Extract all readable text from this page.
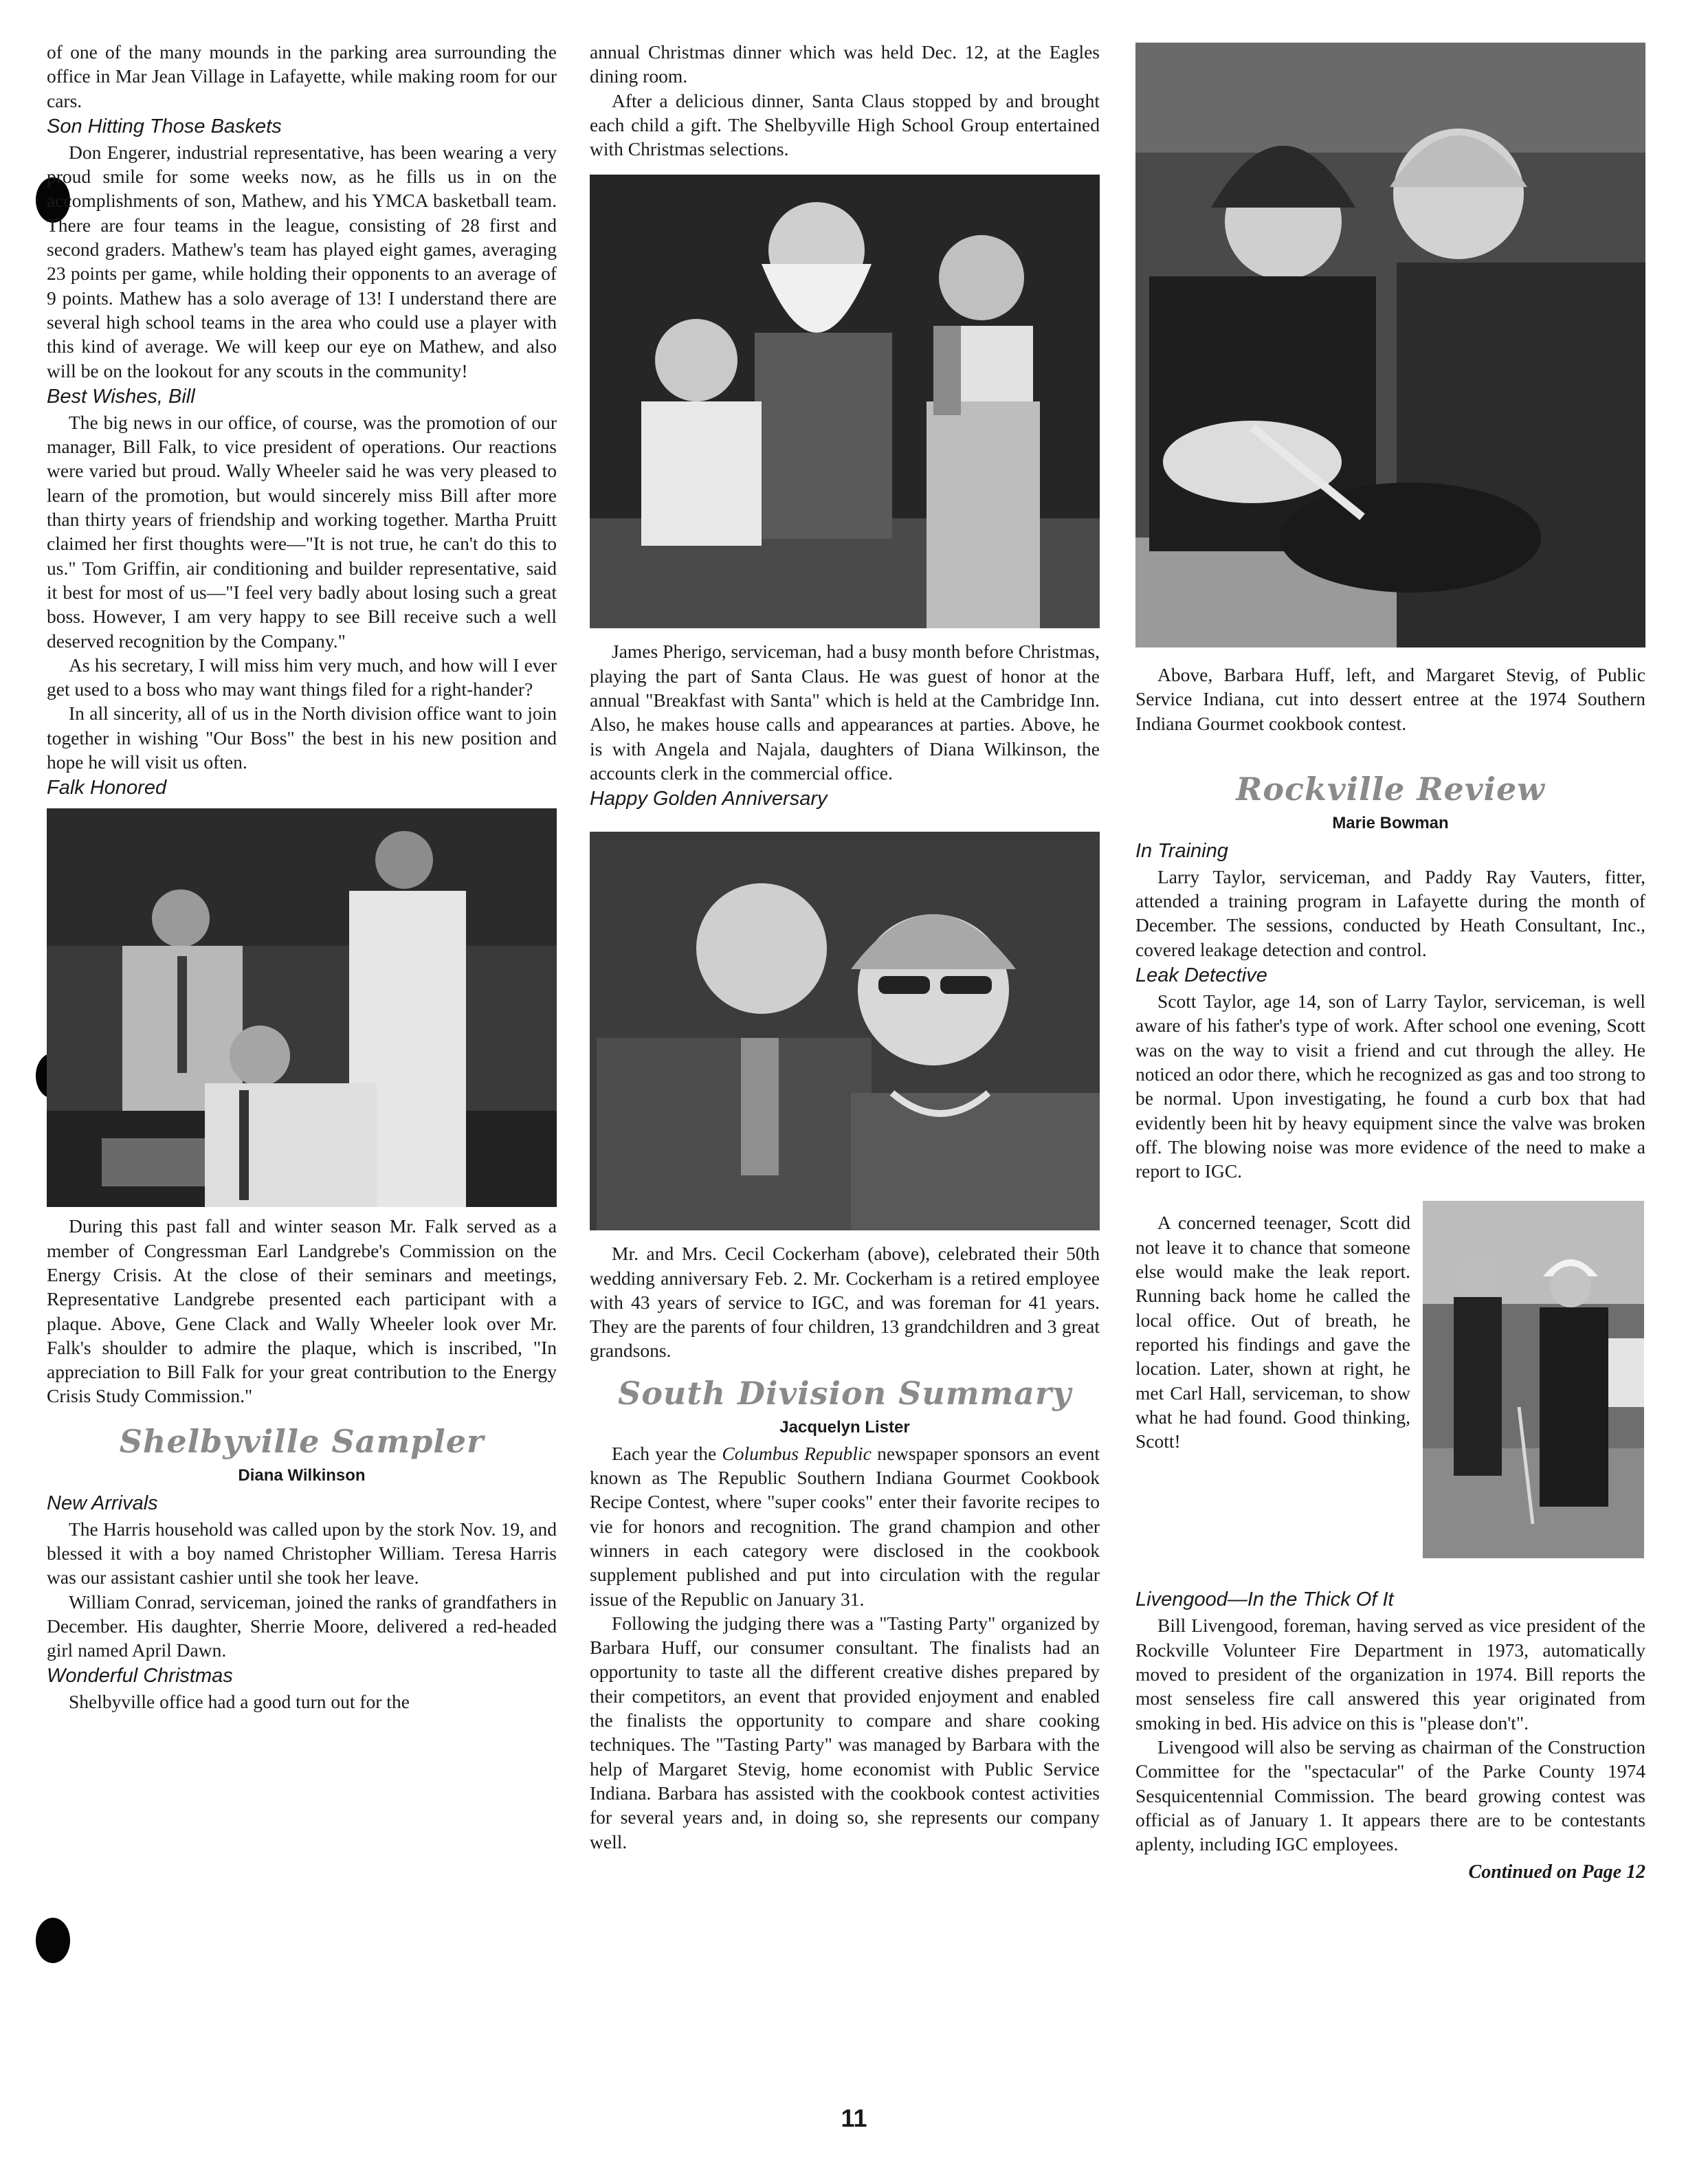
of one of the many mounds in the parking area surrounding the office in Mar Jean Village in Lafayette, while making room for our cars.

Son Hitting Those Baskets

Don Engerer, industrial representative, has been wearing a very proud smile for some weeks now, as he fills us in on the accomplishments of son, Mathew, and his YMCA basketball team. There are four teams in the league, consisting of 28 first and second graders. Mathew's team has played eight games, averaging 23 points per game, while holding their opponents to an average of 9 points. Mathew has a solo average of 13! I understand there are several high school teams in the area who could use a player with this kind of average. We will keep our eye on Mathew, and also will be on the lookout for any scouts in the community!

Best Wishes, Bill

The big news in our office, of course, was the promotion of our manager, Bill Falk, to vice president of operations. Our reactions were varied but proud. Wally Wheeler said he was very pleased to learn of the promotion, but would sincerely miss Bill after more than thirty years of friendship and working together. Martha Pruitt claimed her first thoughts were—"It is not true, he can't do this to us." Tom Griffin, air conditioning and builder representative, said it best for most of us—"I feel very badly about losing such a great boss. However, I am very happy to see Bill receive such a well deserved recognition by the Company."

As his secretary, I will miss him very much, and how will I ever get used to a boss who may want things filed for a right-hander?

In all sincerity, all of us in the North division office want to join together in wishing "Our Boss" the best in his new position and hope he will visit us often.

Falk Honored

During this past fall and winter season Mr. Falk served as a member of Congressman Earl Landgrebe's Commission on the Energy Crisis. At the close of their seminars and meetings, Representative Landgrebe presented each participant with a plaque. Above, Gene Clack and Wally Wheeler look over Mr. Falk's shoulder to admire the plaque, which is inscribed, "In appreciation to Bill Falk for your great contribution to the Energy Crisis Study Commission."

Shelbyville Sampler
Diana Wilkinson
New Arrivals

The Harris household was called upon by the stork Nov. 19, and blessed it with a boy named Christopher William. Teresa Harris was our assistant cashier until she took her leave.

William Conrad, serviceman, joined the ranks of grandfathers in December. His daughter, Sherrie Moore, delivered a red-headed girl named April Dawn.

Wonderful Christmas

Shelbyville office had a good turn out for the

annual Christmas dinner which was held Dec. 12, at the Eagles dining room.

After a delicious dinner, Santa Claus stopped by and brought each child a gift. The Shelbyville High School Group entertained with Christmas selections.

James Pherigo, serviceman, had a busy month before Christmas, playing the part of Santa Claus. He was guest of honor at the annual "Breakfast with Santa" which is held at the Cambridge Inn. Also, he makes house calls and appearances at parties. Above, he is with Angela and Najala, daughters of Diana Wilkinson, the accounts clerk in the commercial office.

Happy Golden Anniversary

Mr. and Mrs. Cecil Cockerham (above), celebrated their 50th wedding anniversary Feb. 2. Mr. Cockerham is a retired employee with 43 years of service to IGC, and was foreman for 41 years. They are the parents of four children, 13 grandchildren and 3 great grandsons.

South Division Summary
Jacquelyn Lister

Each year the Columbus Republic newspaper sponsors an event known as The Republic Southern Indiana Gourmet Cookbook Recipe Contest, where "super cooks" enter their favorite recipes to vie for honors and recognition. The grand champion and other winners in each category were disclosed in the cookbook supplement published and put into circulation with the regular issue of the Republic on January 31.

Following the judging there was a "Tasting Party" organized by Barbara Huff, our consumer consultant. The finalists had an opportunity to taste all the different creative dishes prepared by their competitors, an event that provided enjoyment and enabled the finalists the opportunity to compare and share cooking techniques. The "Tasting Party" was managed by Barbara with the help of Margaret Stevig, home economist with Public Service Indiana. Barbara has assisted with the cookbook contest activities for several years and, in doing so, she represents our company well.

Above, Barbara Huff, left, and Margaret Stevig, of Public Service Indiana, cut into dessert entree at the 1974 Southern Indiana Gourmet cookbook contest.

Rockville Review
Marie Bowman
In Training

Larry Taylor, serviceman, and Paddy Ray Vauters, fitter, attended a training program in Lafayette during the month of December. The sessions, conducted by Heath Consultant, Inc., covered leakage detection and control.

Leak Detective

Scott Taylor, age 14, son of Larry Taylor, serviceman, is well aware of his father's type of work. After school one evening, Scott was on the way to visit a friend and cut through the alley. He noticed an odor there, which he recognized as gas and too strong to be normal. Upon investigating, he found a curb box that had evidently been hit by heavy equipment since the valve was broken off. The blowing noise was more evidence of the need to make a report to IGC.

A concerned teenager, Scott did not leave it to chance that someone else would make the leak report. Running back home he called the local office. Out of breath, he reported his findings and gave the location. Later, shown at right, he met Carl Hall, serviceman, to show what he had found. Good thinking, Scott!

Livengood—In the Thick Of It

Bill Livengood, foreman, having served as vice president of the Rockville Volunteer Fire Department in 1973, automatically moved to president of the organization in 1974. Bill reports the most senseless fire call answered this year originated from smoking in bed. His advice on this is "please don't".

Livengood will also be serving as chairman of the Construction Committee for the "spectacular" of the Parke County 1974 Sesquicentennial Commission. The beard growing contest was official as of January 1. It appears there are to be contestants aplenty, including IGC employees.

Continued on Page 12
11
